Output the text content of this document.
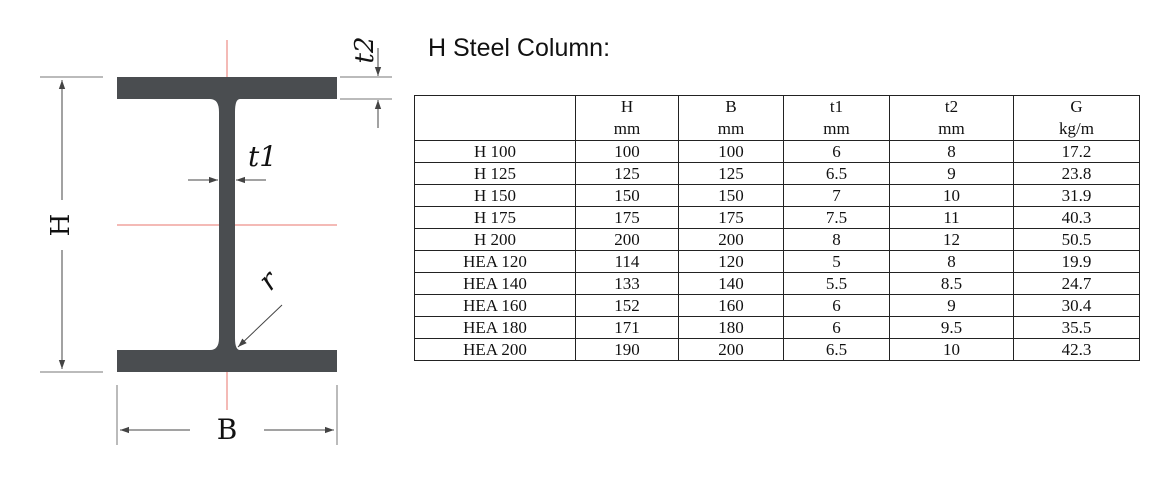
H
B
t1
t2
r
H Steel Column:
	H	B	t1	t2	G
	mm	mm	mm	mm	kg/m
H 100	100	100	6	8	17.2
H 125	125	125	6.5	9	23.8
H 150	150	150	7	10	31.9
H 175	175	175	7.5	11	40.3
H 200	200	200	8	12	50.5
HEA 120	114	120	5	8	19.9
HEA 140	133	140	5.5	8.5	24.7
HEA 160	152	160	6	9	30.4
HEA 180	171	180	6	9.5	35.5
HEA 200	190	200	6.5	10	42.3
